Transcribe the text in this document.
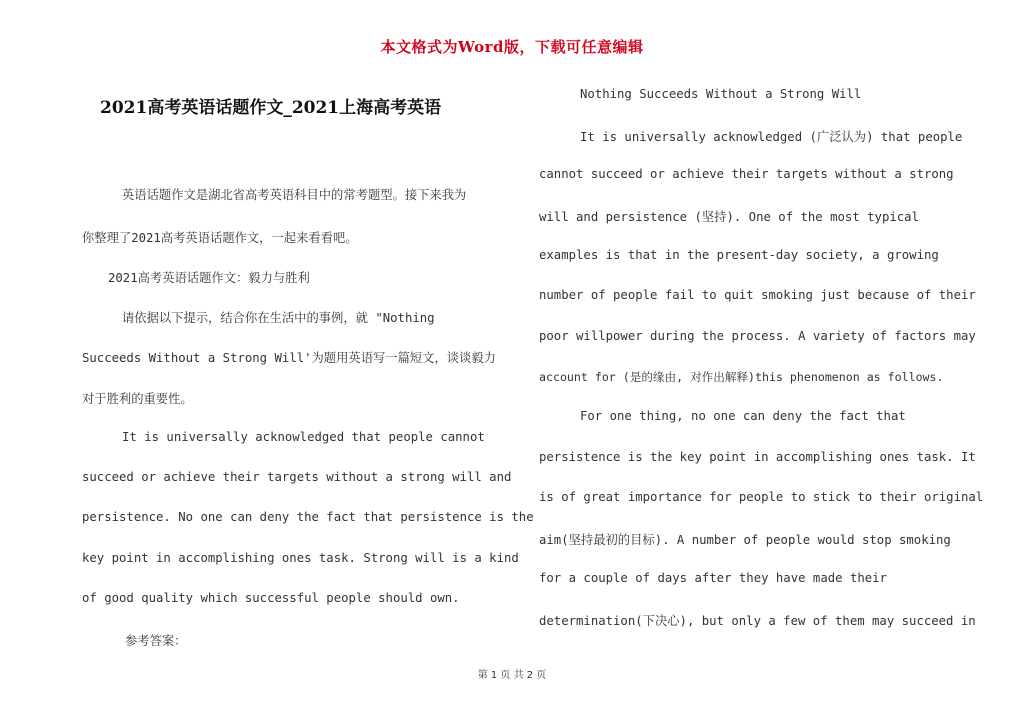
本文格式为Word版，下载可任意编辑
2021高考英语话题作文_2021上海高考英语

英语话题作文是湖北省高考英语科目中的常考题型。接下来我为

你整理了2021高考英语话题作文，一起来看看吧。

2021高考英语话题作文：毅力与胜利

请依据以下提示，结合你在生活中的事例，就 "Nothing

Succeeds Without a Strong Will'为题用英语写一篇短文，谈谈毅力

对于胜利的重要性。

It is universally acknowledged that people cannot

succeed or achieve their targets without a strong will and

persistence. No one can deny the fact that persistence is the

key point in accomplishing ones task. Strong will is a kind

of good quality which successful people should own.

参考答案：

Nothing Succeeds Without a Strong Will

It is universally acknowledged (广泛认为) that people

cannot succeed or achieve their targets without a strong

will and persistence (坚持). One of the most typical

examples is that in the present-day society, a growing

number of people fail to quit smoking just because of their

poor willpower during the process. A variety of factors may

account for (是的缘由, 对作出解释)this phenomenon as follows.

For one thing, no one can deny the fact that

persistence is the key point in accomplishing ones task. It

is of great importance for people to stick to their original

aim(坚持最初的目标). A number of people would stop smoking

for a couple of days after they have made their

determination(下决心), but only a few of them may succeed in

第 1 页 共 2 页
